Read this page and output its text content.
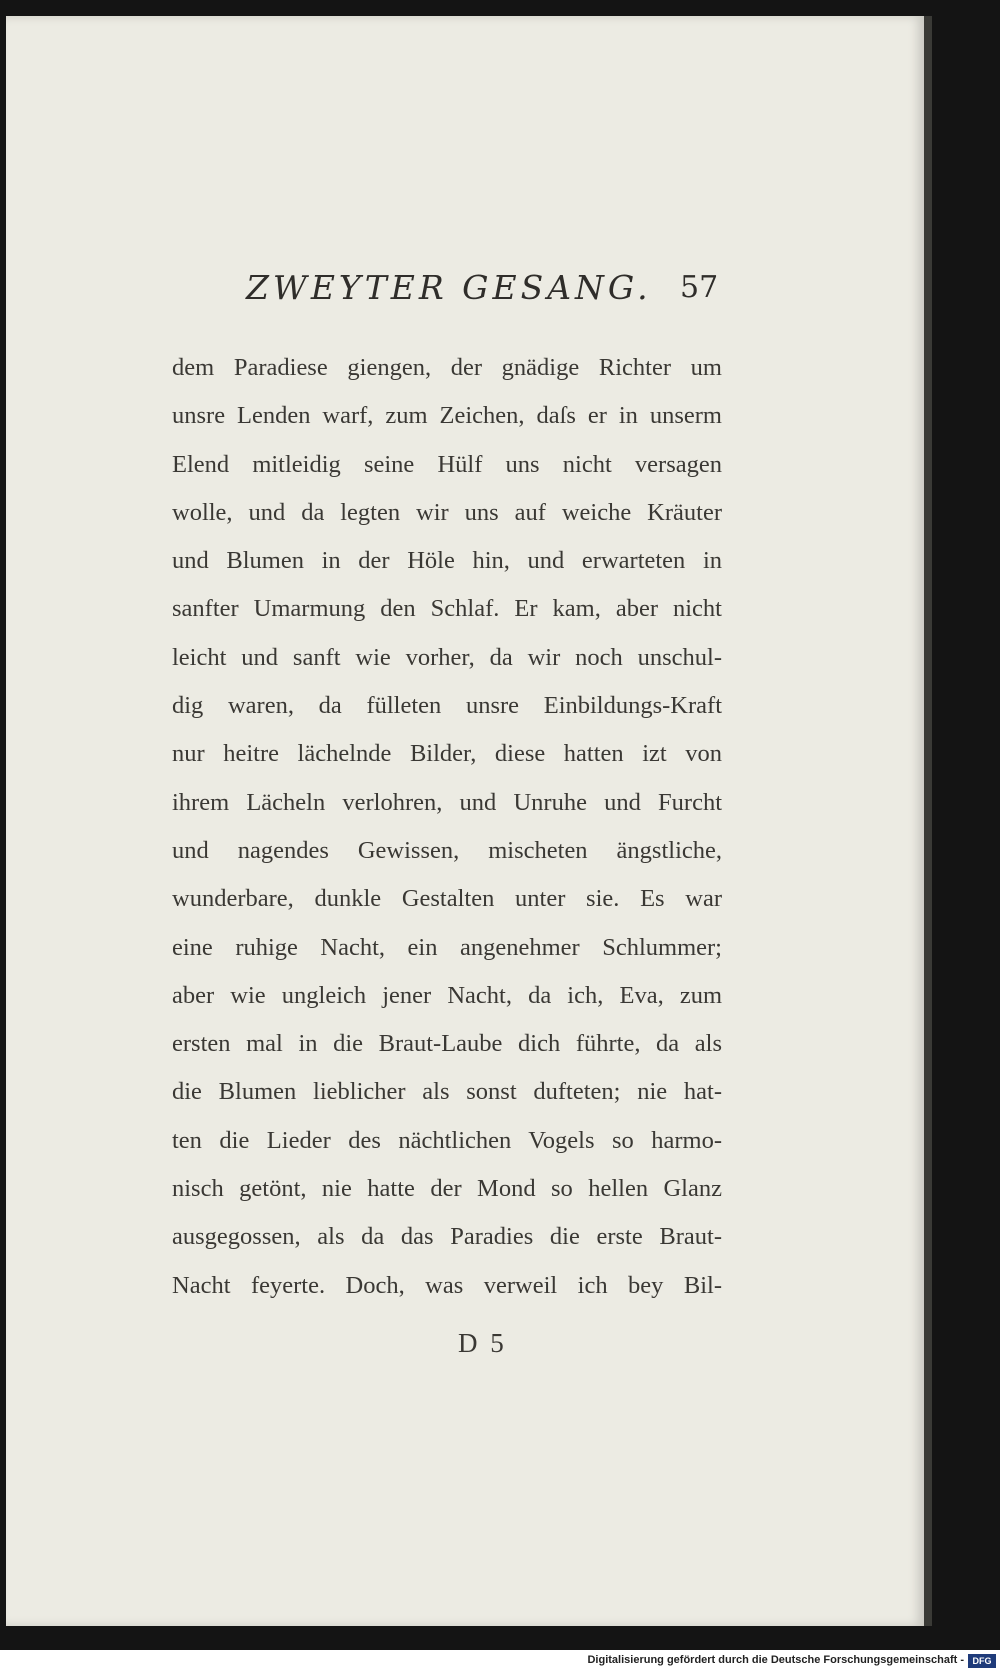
ZWEYTER GESANG. 57
dem Paradiese giengen, der gnädige Richter um
unsre Lenden warf, zum Zeichen, daſs er in unserm
Elend mitleidig seine Hülf uns nicht versagen
wolle, und da legten wir uns auf weiche Kräuter
und Blumen in der Höle hin, und erwarteten in
sanfter Umarmung den Schlaf. Er kam, aber nicht
leicht und sanft wie vorher, da wir noch unschul-
dig waren, da fülleten unsre Einbildungs-Kraft
nur heitre lächelnde Bilder, diese hatten izt von
ihrem Lächeln verlohren, und Unruhe und Furcht
und nagendes Gewissen, mischeten ängstliche,
wunderbare, dunkle Gestalten unter sie. Es war
eine ruhige Nacht, ein angenehmer Schlummer;
aber wie ungleich jener Nacht, da ich, Eva, zum
ersten mal in die Braut-Laube dich führte, da als
die Blumen lieblicher als sonst dufteten; nie hat-
ten die Lieder des nächtlichen Vogels so harmo-
nisch getönt, nie hatte der Mond so hellen Glanz
ausgegossen, als da das Paradies die erste Braut-
Nacht feyerte. Doch, was verweil ich bey Bil-
D 5
Digitalisierung gefördert durch die Deutsche Forschungsgemeinschaft - DFG
